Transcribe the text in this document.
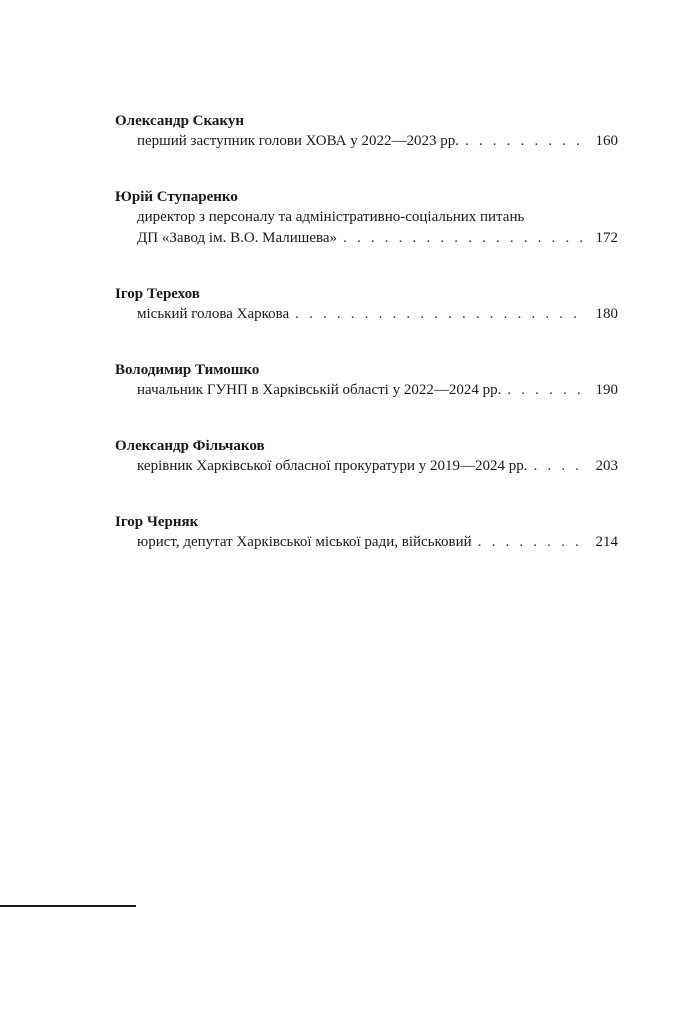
Олександр Скакун
перший заступник голови ХОВА у 2022—2023 рр. . . .	160
Юрій Ступаренко
директор з персоналу та адміністративно-соціальних питань
ДП «Завод ім. В.О. Малишева» . . .	172
Ігор Терехов
міський голова Харкова . . .	180
Володимир Тимошко
начальник ГУНП в Харківській області у 2022—2024 рр. . . .	190
Олександр Фільчаков
керівник Харківської обласної прокуратури у 2019—2024 рр. . . .	203
Ігор Черняк
юрист, депутат Харківської міської ради, військовий . . .	214
